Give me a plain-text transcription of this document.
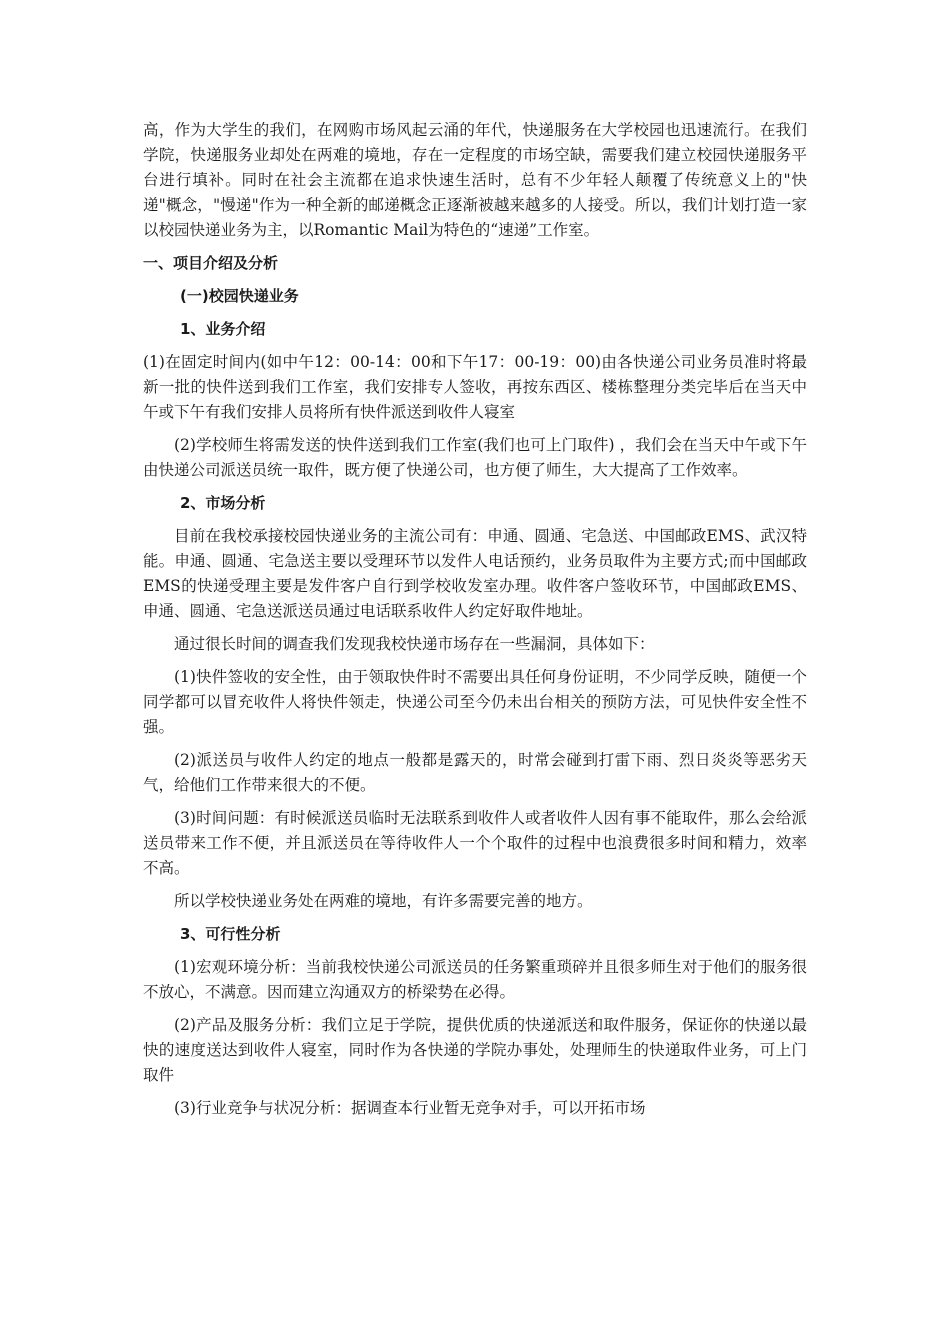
高，作为大学生的我们，在网购市场风起云涌的年代，快递服务在大学校园也迅速流行。在我们学院，快递服务业却处在两难的境地，存在一定程度的市场空缺，需要我们建立校园快递服务平台进行填补。同时在社会主流都在追求快速生活时，总有不少年轻人颠覆了传统意义上的"快递"概念，"慢递"作为一种全新的邮递概念正逐渐被越来越多的人接受。所以，我们计划打造一家以校园快递业务为主，以Romantic Mail为特色的“速递”工作室。

一、项目介绍及分析
(一)校园快递业务
1、业务介绍

(1)在固定时间内(如中午12：00-14：00和下午17：00-19：00)由各快递公司业务员准时将最新一批的快件送到我们工作室，我们安排专人签收，再按东西区、楼栋整理分类完毕后在当天中午或下午有我们安排人员将所有快件派送到收件人寝室

(2)学校师生将需发送的快件送到我们工作室(我们也可上门取件) ，我们会在当天中午或下午由快递公司派送员统一取件，既方便了快递公司，也方便了师生，大大提高了工作效率。

2、市场分析

目前在我校承接校园快递业务的主流公司有：申通、圆通、宅急送、中国邮政EMS、武汉特能。申通、圆通、宅急送主要以受理环节以发件人电话预约，业务员取件为主要方式;而中国邮政EMS的快递受理主要是发件客户自行到学校收发室办理。收件客户签收环节，中国邮政EMS、申通、圆通、宅急送派送员通过电话联系收件人约定好取件地址。

通过很长时间的调查我们发现我校快递市场存在一些漏洞，具体如下：

(1)快件签收的安全性，由于领取快件时不需要出具任何身份证明，不少同学反映，随便一个同学都可以冒充收件人将快件领走，快递公司至今仍未出台相关的预防方法，可见快件安全性不强。

(2)派送员与收件人约定的地点一般都是露天的，时常会碰到打雷下雨、烈日炎炎等恶劣天气，给他们工作带来很大的不便。

(3)时间问题：有时候派送员临时无法联系到收件人或者收件人因有事不能取件，那么会给派送员带来工作不便，并且派送员在等待收件人一个个取件的过程中也浪费很多时间和精力，效率不高。

所以学校快递业务处在两难的境地，有许多需要完善的地方。

3、可行性分析

(1)宏观环境分析：当前我校快递公司派送员的任务繁重琐碎并且很多师生对于他们的服务很不放心，不满意。因而建立沟通双方的桥梁势在必得。

(2)产品及服务分析：我们立足于学院，提供优质的快递派送和取件服务，保证你的快递以最快的速度送达到收件人寝室，同时作为各快递的学院办事处，处理师生的快递取件业务，可上门取件

(3)行业竞争与状况分析：据调查本行业暂无竞争对手，可以开拓市场
